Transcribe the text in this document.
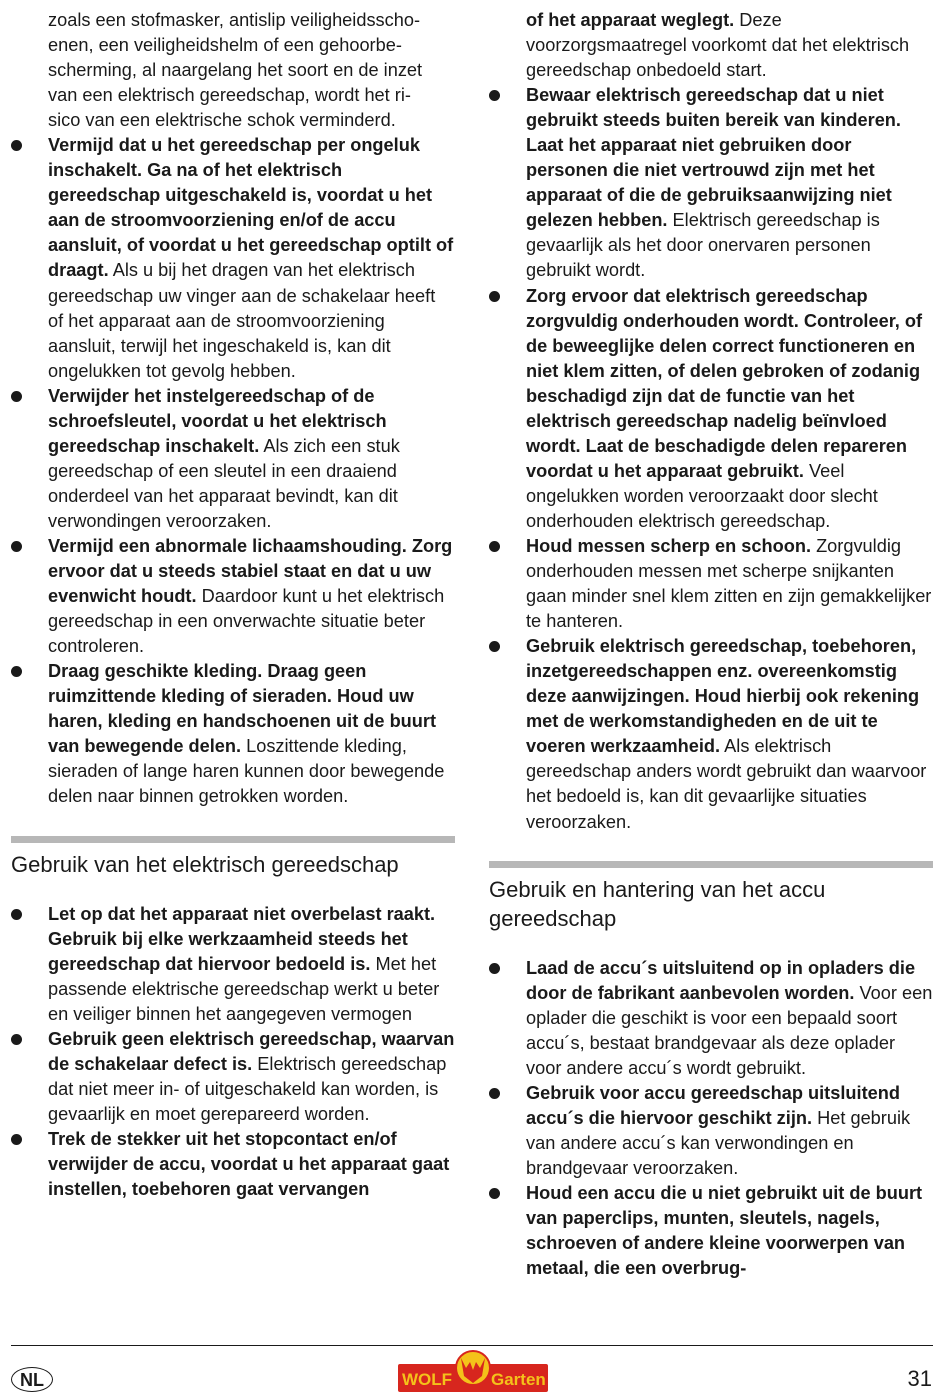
zoals een stofmasker, antislip veiligheidsscho-
enen, een veiligheidshelm of een gehoorbe-
scherming, al naargelang het soort en de inzet
van een elektrisch gereedschap, wordt het ri-
sico van een elektrische schok verminderd.

Vermijd dat u het gereedschap per ongeluk inschakelt. Ga na of het elektrisch gereedschap uitgeschakeld is, voordat u het aan de stroomvoorziening en/of de accu aansluit, of voordat u het gereedschap optilt of draagt. Als u bij het dragen van het elektrisch gereedschap uw vinger aan de schakelaar heeft of het apparaat aan de stroomvoorziening aansluit, terwijl het ingeschakeld is, kan dit ongelukken tot gevolg hebben.
Verwijder het instelgereedschap of de schroefsleutel, voordat u het elektrisch gereedschap inschakelt. Als zich een stuk gereedschap of een sleutel in een draaiend onderdeel van het apparaat bevindt, kan dit verwondingen veroorzaken.
Vermijd een abnormale lichaamshouding. Zorg ervoor dat u steeds stabiel staat en dat u uw evenwicht houdt. Daardoor kunt u het elektrisch gereedschap in een onverwachte situatie beter controleren.
Draag geschikte kleding. Draag geen ruimzittende kleding of sieraden. Houd uw haren, kleding en handschoenen uit de buurt van bewegende delen. Loszittende kleding, sieraden of lange haren kunnen door bewegende delen naar binnen getrokken worden.
Gebruik van het elektrisch gereedschap
Let op dat het apparaat niet overbelast raakt. Gebruik bij elke werkzaamheid steeds het gereedschap dat hiervoor bedoeld is. Met het passende elektrische gereedschap werkt u beter en veiliger binnen het aangegeven vermogen
Gebruik geen elektrisch gereedschap, waarvan de schakelaar defect is. Elektrisch gereedschap dat niet meer in- of uitgeschakeld kan worden, is gevaarlijk en moet gerepareerd worden.
Trek de stekker uit het stopcontact en/of verwijder de accu, voordat u het apparaat gaat instellen, toebehoren gaat vervangen

of het apparaat weglegt. Deze voorzorgsmaatregel voorkomt dat het elektrisch gereedschap onbedoeld start.

Bewaar elektrisch gereedschap dat u niet gebruikt steeds buiten bereik van kinderen. Laat het apparaat niet gebruiken door personen die niet vertrouwd zijn met het apparaat of die de gebruiksaanwijzing niet gelezen hebben. Elektrisch gereedschap is gevaarlijk als het door onervaren personen gebruikt wordt.
Zorg ervoor dat elektrisch gereedschap zorgvuldig onderhouden wordt. Controleer, of de beweeglijke delen correct functioneren en niet klem zitten, of delen gebroken of zodanig beschadigd zijn dat de functie van het elektrisch gereedschap nadelig beïnvloed wordt. Laat de beschadigde delen repareren voordat u het apparaat gebruikt. Veel ongelukken worden veroorzaakt door slecht onderhouden elektrisch gereedschap.
Houd messen scherp en schoon. Zorgvuldig onderhouden messen met scherpe snijkanten gaan minder snel klem zitten en zijn gemakkelijker te hanteren.
Gebruik elektrisch gereedschap, toebehoren, inzetgereedschappen enz. overeenkomstig deze aanwijzingen. Houd hierbij ook rekening met de werkomstandigheden en de uit te voeren werkzaamheid. Als elektrisch gereedschap anders wordt gebruikt dan waarvoor het bedoeld is, kan dit gevaarlijke situaties veroorzaken.
Gebruik en hantering van het accu gereedschap
Laad de accu´s uitsluitend op in opladers die door de fabrikant aanbevolen worden. Voor een oplader die geschikt is voor een bepaald soort accu´s, bestaat brandgevaar als deze oplader voor andere accu´s wordt gebruikt.
Gebruik voor accu gereedschap uitsluitend accu´s die hiervoor geschikt zijn. Het gebruik van andere accu´s kan verwondingen en brandgevaar veroorzaken.
Houd een accu die u niet gebruikt uit de buurt van paperclips, munten, sleutels, nagels, schroeven of andere kleine voorwerpen van metaal, die een overbrug-
NL	WOLF Garten	31
